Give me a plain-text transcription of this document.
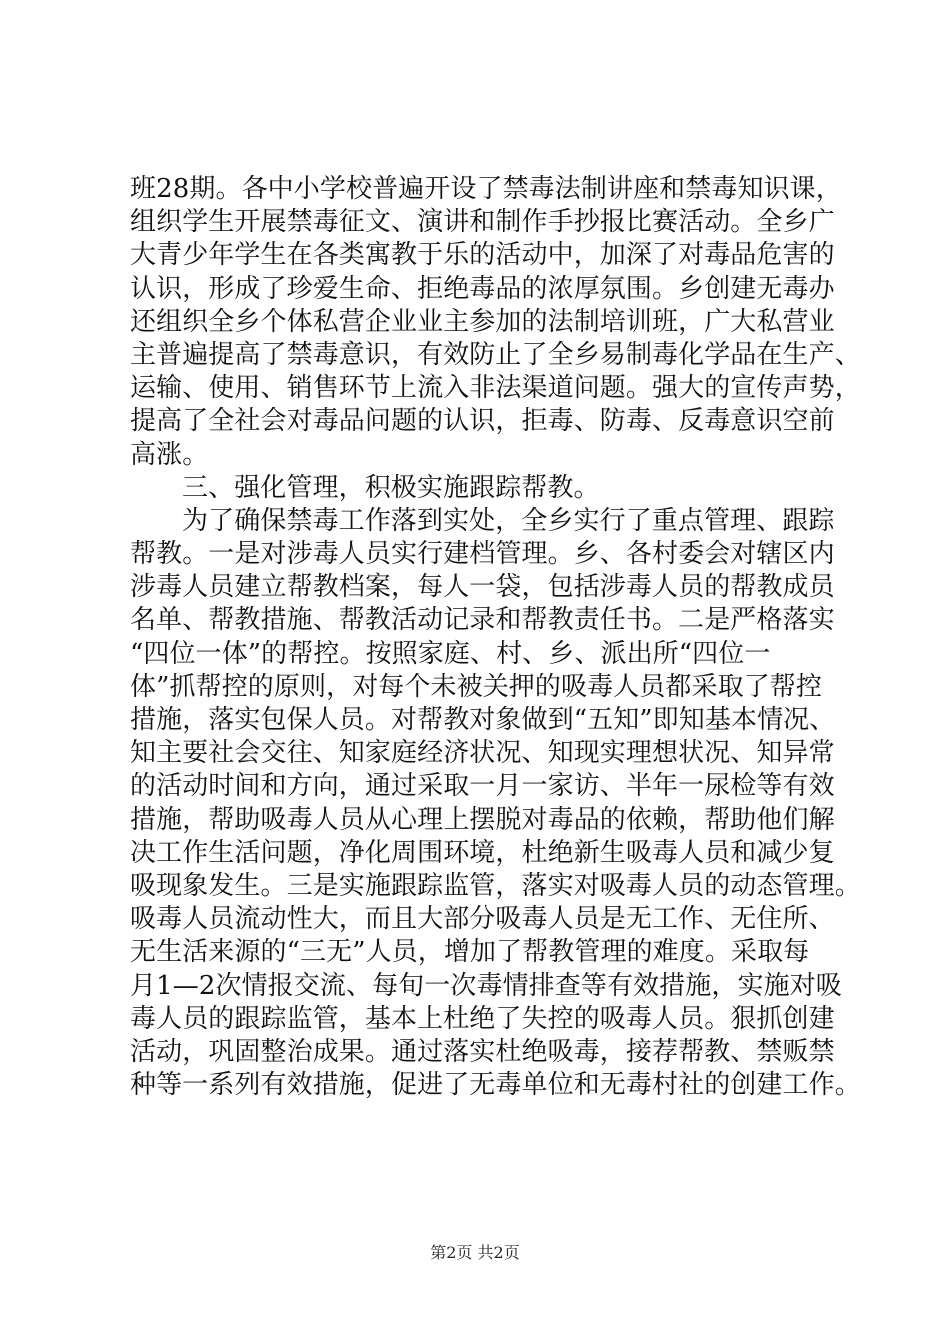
班28期。各中小学校普遍开设了禁毒法制讲座和禁毒知识课，
组织学生开展禁毒征文、演讲和制作手抄报比赛活动。全乡广
大青少年学生在各类寓教于乐的活动中，加深了对毒品危害的
认识，形成了珍爱生命、拒绝毒品的浓厚氛围。乡创建无毒办
还组织全乡个体私营企业业主参加的法制培训班，广大私营业
主普遍提高了禁毒意识，有效防止了全乡易制毒化学品在生产、
运输、使用、销售环节上流入非法渠道问题。强大的宣传声势，
提高了全社会对毒品问题的认识，拒毒、防毒、反毒意识空前
高涨。
三、强化管理，积极实施跟踪帮教。
为了确保禁毒工作落到实处，全乡实行了重点管理、跟踪
帮教。一是对涉毒人员实行建档管理。乡、各村委会对辖区内
涉毒人员建立帮教档案，每人一袋，包括涉毒人员的帮教成员
名单、帮教措施、帮教活动记录和帮教责任书。二是严格落实
“四位一体”的帮控。按照家庭、村、乡、派出所“四位一
体”抓帮控的原则，对每个未被关押的吸毒人员都采取了帮控
措施，落实包保人员。对帮教对象做到“五知”即知基本情况、
知主要社会交往、知家庭经济状况、知现实理想状况、知异常
的活动时间和方向，通过采取一月一家访、半年一尿检等有效
措施，帮助吸毒人员从心理上摆脱对毒品的依赖，帮助他们解
决工作生活问题，净化周围环境，杜绝新生吸毒人员和减少复
吸现象发生。三是实施跟踪监管，落实对吸毒人员的动态管理。
吸毒人员流动性大，而且大部分吸毒人员是无工作、无住所、
无生活来源的“三无”人员，增加了帮教管理的难度。采取每
月1—2次情报交流、每旬一次毒情排查等有效措施，实施对吸
毒人员的跟踪监管，基本上杜绝了失控的吸毒人员。狠抓创建
活动，巩固整治成果。通过落实杜绝吸毒，接荐帮教、禁贩禁
种等一系列有效措施，促进了无毒单位和无毒村社的创建工作。
第2页 共2页
